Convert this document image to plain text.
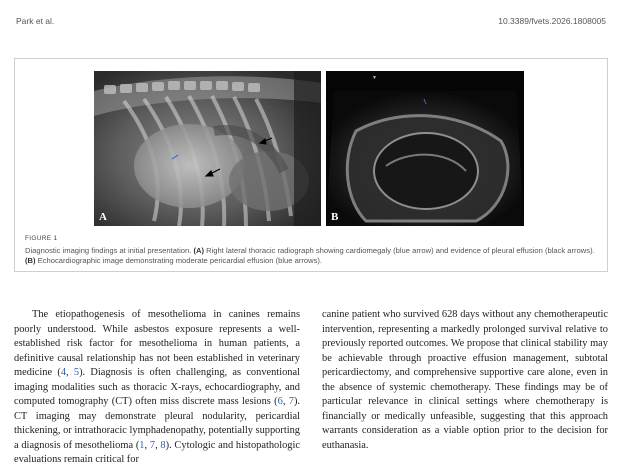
Park et al.	10.3389/fvets.2026.1808005
A
▼
B
FIGURE 1
Diagnostic imaging findings at initial presentation. (A) Right lateral thoracic radiograph showing cardiomegaly (blue arrow) and evidence of pleural effusion (black arrows). (B) Echocardiographic image demonstrating moderate pericardial effusion (blue arrows).

The etiopathogenesis of mesothelioma in canines remains poorly understood. While asbestos exposure represents a well-established risk factor for mesothelioma in human patients, a definitive causal relationship has not been established in veterinary medicine (4, 5). Diagnosis is often challenging, as conventional imaging modalities such as thoracic X-rays, echocardiography, and computed tomography (CT) often miss discrete mass lesions (6, 7). CT imaging may demonstrate pleural nodularity, pericardial thickening, or intrathoracic lymphadenopathy, potentially supporting a diagnosis of mesothelioma (1, 7, 8). Cytologic and histopathologic evaluations remain critical for

canine patient who survived 628 days without any chemotherapeutic intervention, representing a markedly prolonged survival relative to previously reported outcomes. We propose that clinical stability may be achievable through proactive effusion management, subtotal pericardiectomy, and comprehensive supportive care alone, even in the absence of systemic chemotherapy. These findings may be of particular relevance in clinical settings where chemotherapy is financially or medically unfeasible, suggesting that this approach warrants consideration as a viable option prior to the decision for euthanasia.
